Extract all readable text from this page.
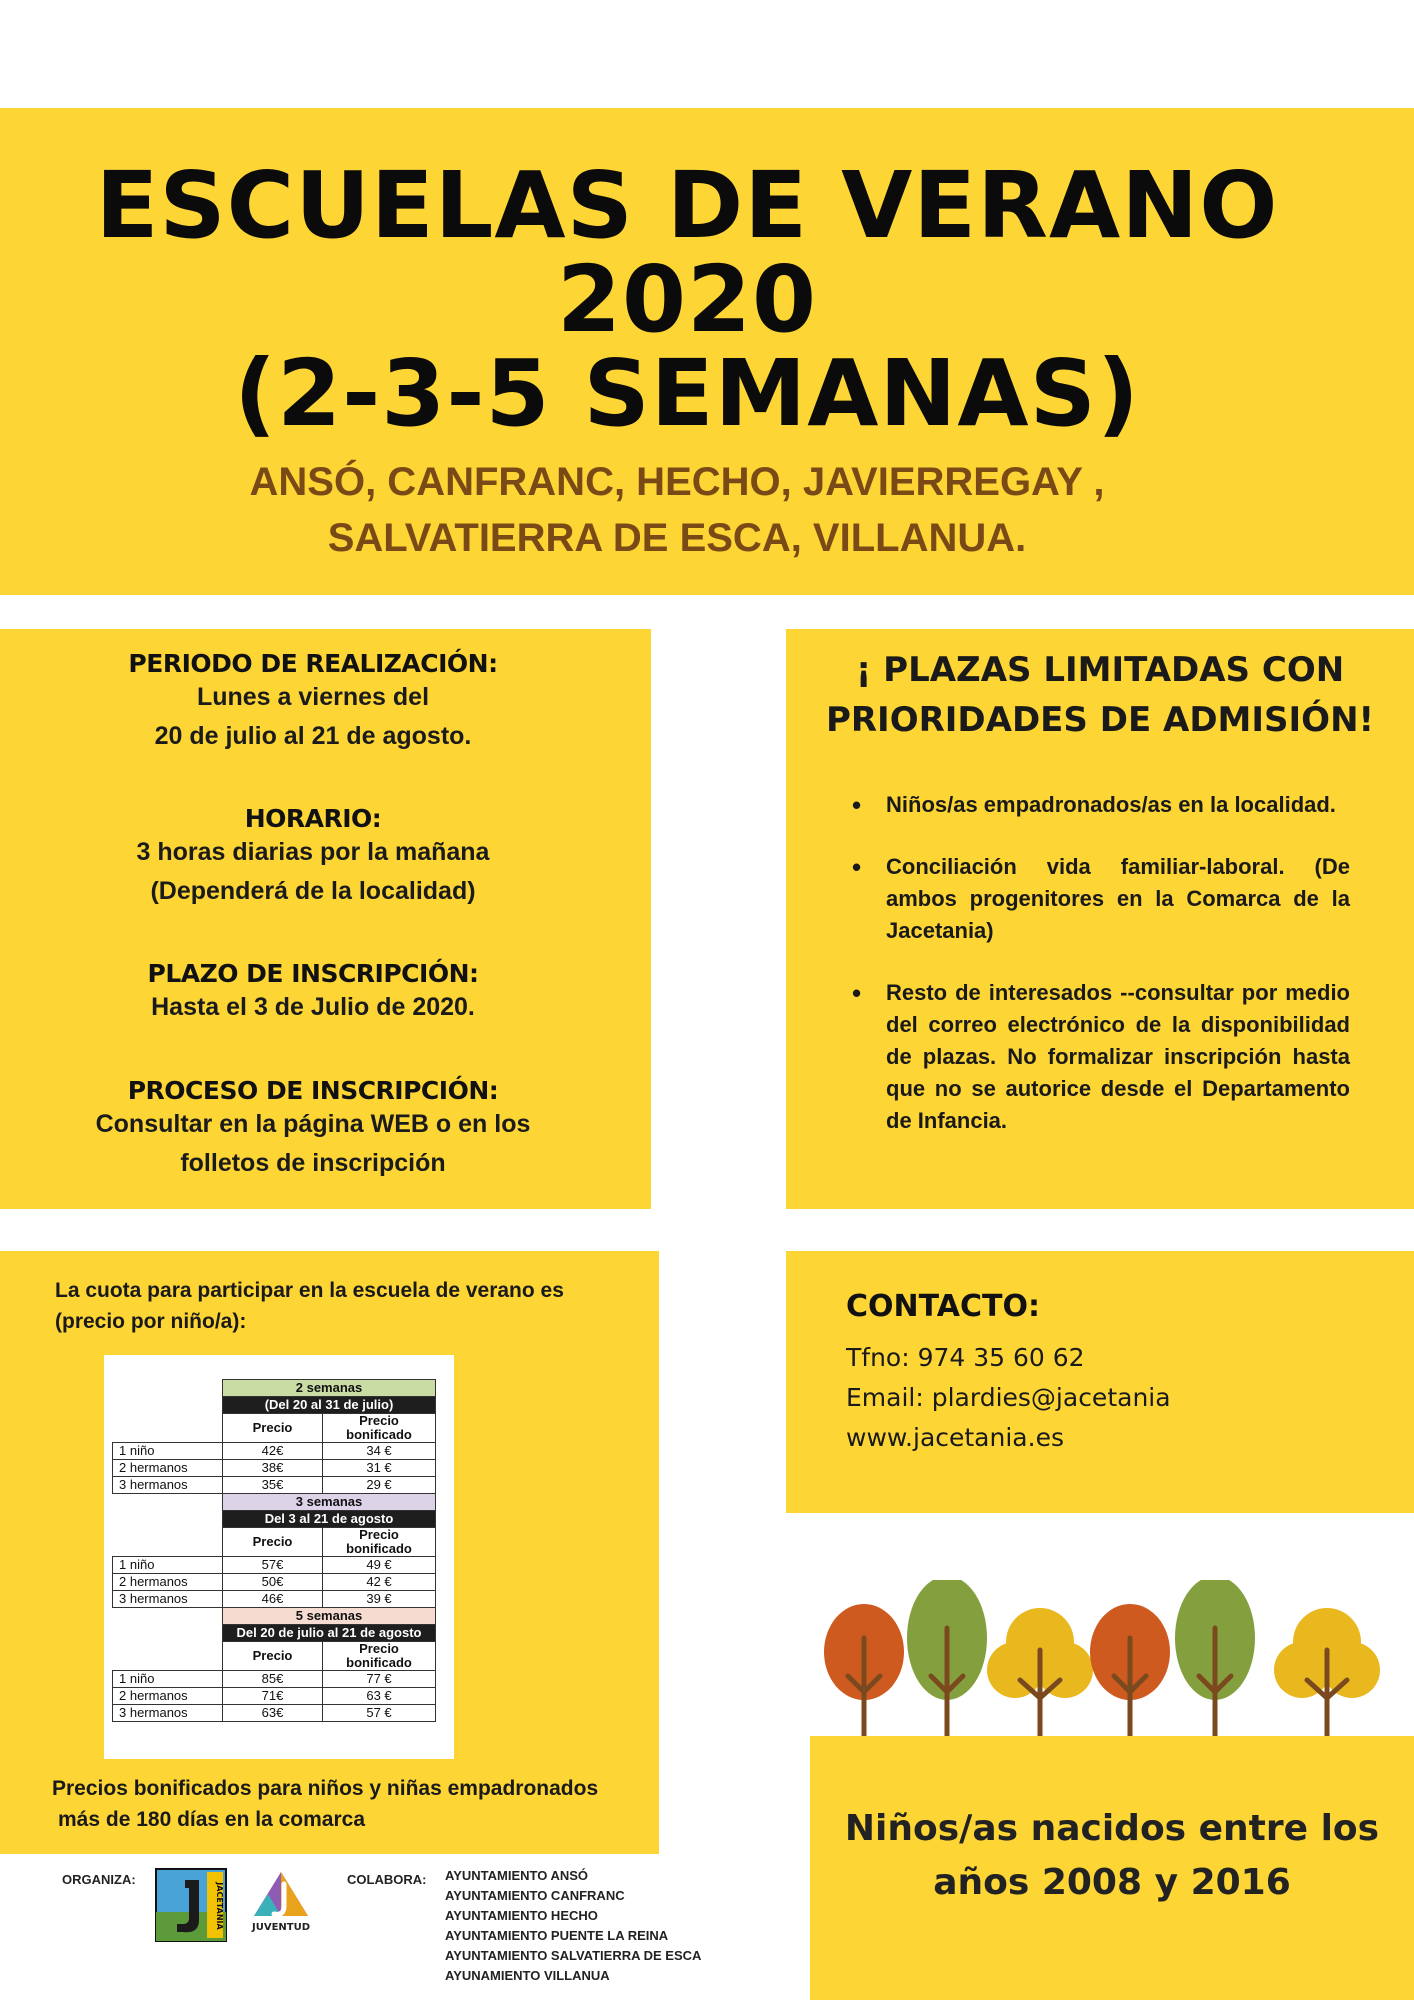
ESCUELAS DE VERANO
2020
(2-3-5 SEMANAS)
ANSÓ, CANFRANC, HECHO, JAVIERREGAY ,
SALVATIERRA DE ESCA, VILLANUA.
PERIODO DE REALIZACIÓN:
Lunes a viernes del
20 de julio al 21 de agosto.
HORARIO:
3 horas diarias por la mañana
(Dependerá de la localidad)
PLAZO DE INSCRIPCIÓN:
Hasta el 3 de Julio de 2020.
PROCESO DE INSCRIPCIÓN:
Consultar en la página WEB o en los
folletos de inscripción
¡ PLAZAS LIMITADAS CON
PRIORIDADES DE ADMISIÓN!
• Niños/as empadronados/as en la localidad.
• Conciliación vida familiar-laboral. (De ambos progenitores en la Comarca de la Jacetania)
• Resto de interesados --consultar por medio del correo electrónico de la disponibilidad de plazas. No formalizar inscripción hasta que no se autorice desde el Departamento de Infancia.
La cuota para participar en la escuela de verano es (precio por niño/a):
	2 semanas	
	(Del 20 al 31 de julio)	
	Precio	Precio bonificado
1 niño	42€	34 €
2 hermanos	38€	31 €
3 hermanos	35€	29 €
	3 semanas	
	Del 3 al 21 de agosto	
	Precio	Precio bonificado
1 niño	57€	49 €
2 hermanos	50€	42 €
3 hermanos	46€	39 €
	5 semanas	
	Del 20 de julio al 21 de agosto	
	Precio	Precio bonificado
1 niño	85€	77 €
2 hermanos	71€	63 €
3 hermanos	63€	57 €
Precios bonificados para niños y niñas empadronados
más de 180 días en la comarca
CONTACTO:
Tfno: 974 35 60 62
Email: plardies@jacetania
www.jacetania.es
Niños/as nacidos entre los
años 2008 y 2016
ORGANIZA:
JACETANIA	JUVENTUD
COLABORA: AYUNTAMIENTO ANSÓ
AYUNTAMIENTO CANFRANC
AYUNTAMIENTO HECHO
AYUNTAMIENTO PUENTE LA REINA
AYUNTAMIENTO SALVATIERRA DE ESCA
AYUNAMIENTO VILLANUA
